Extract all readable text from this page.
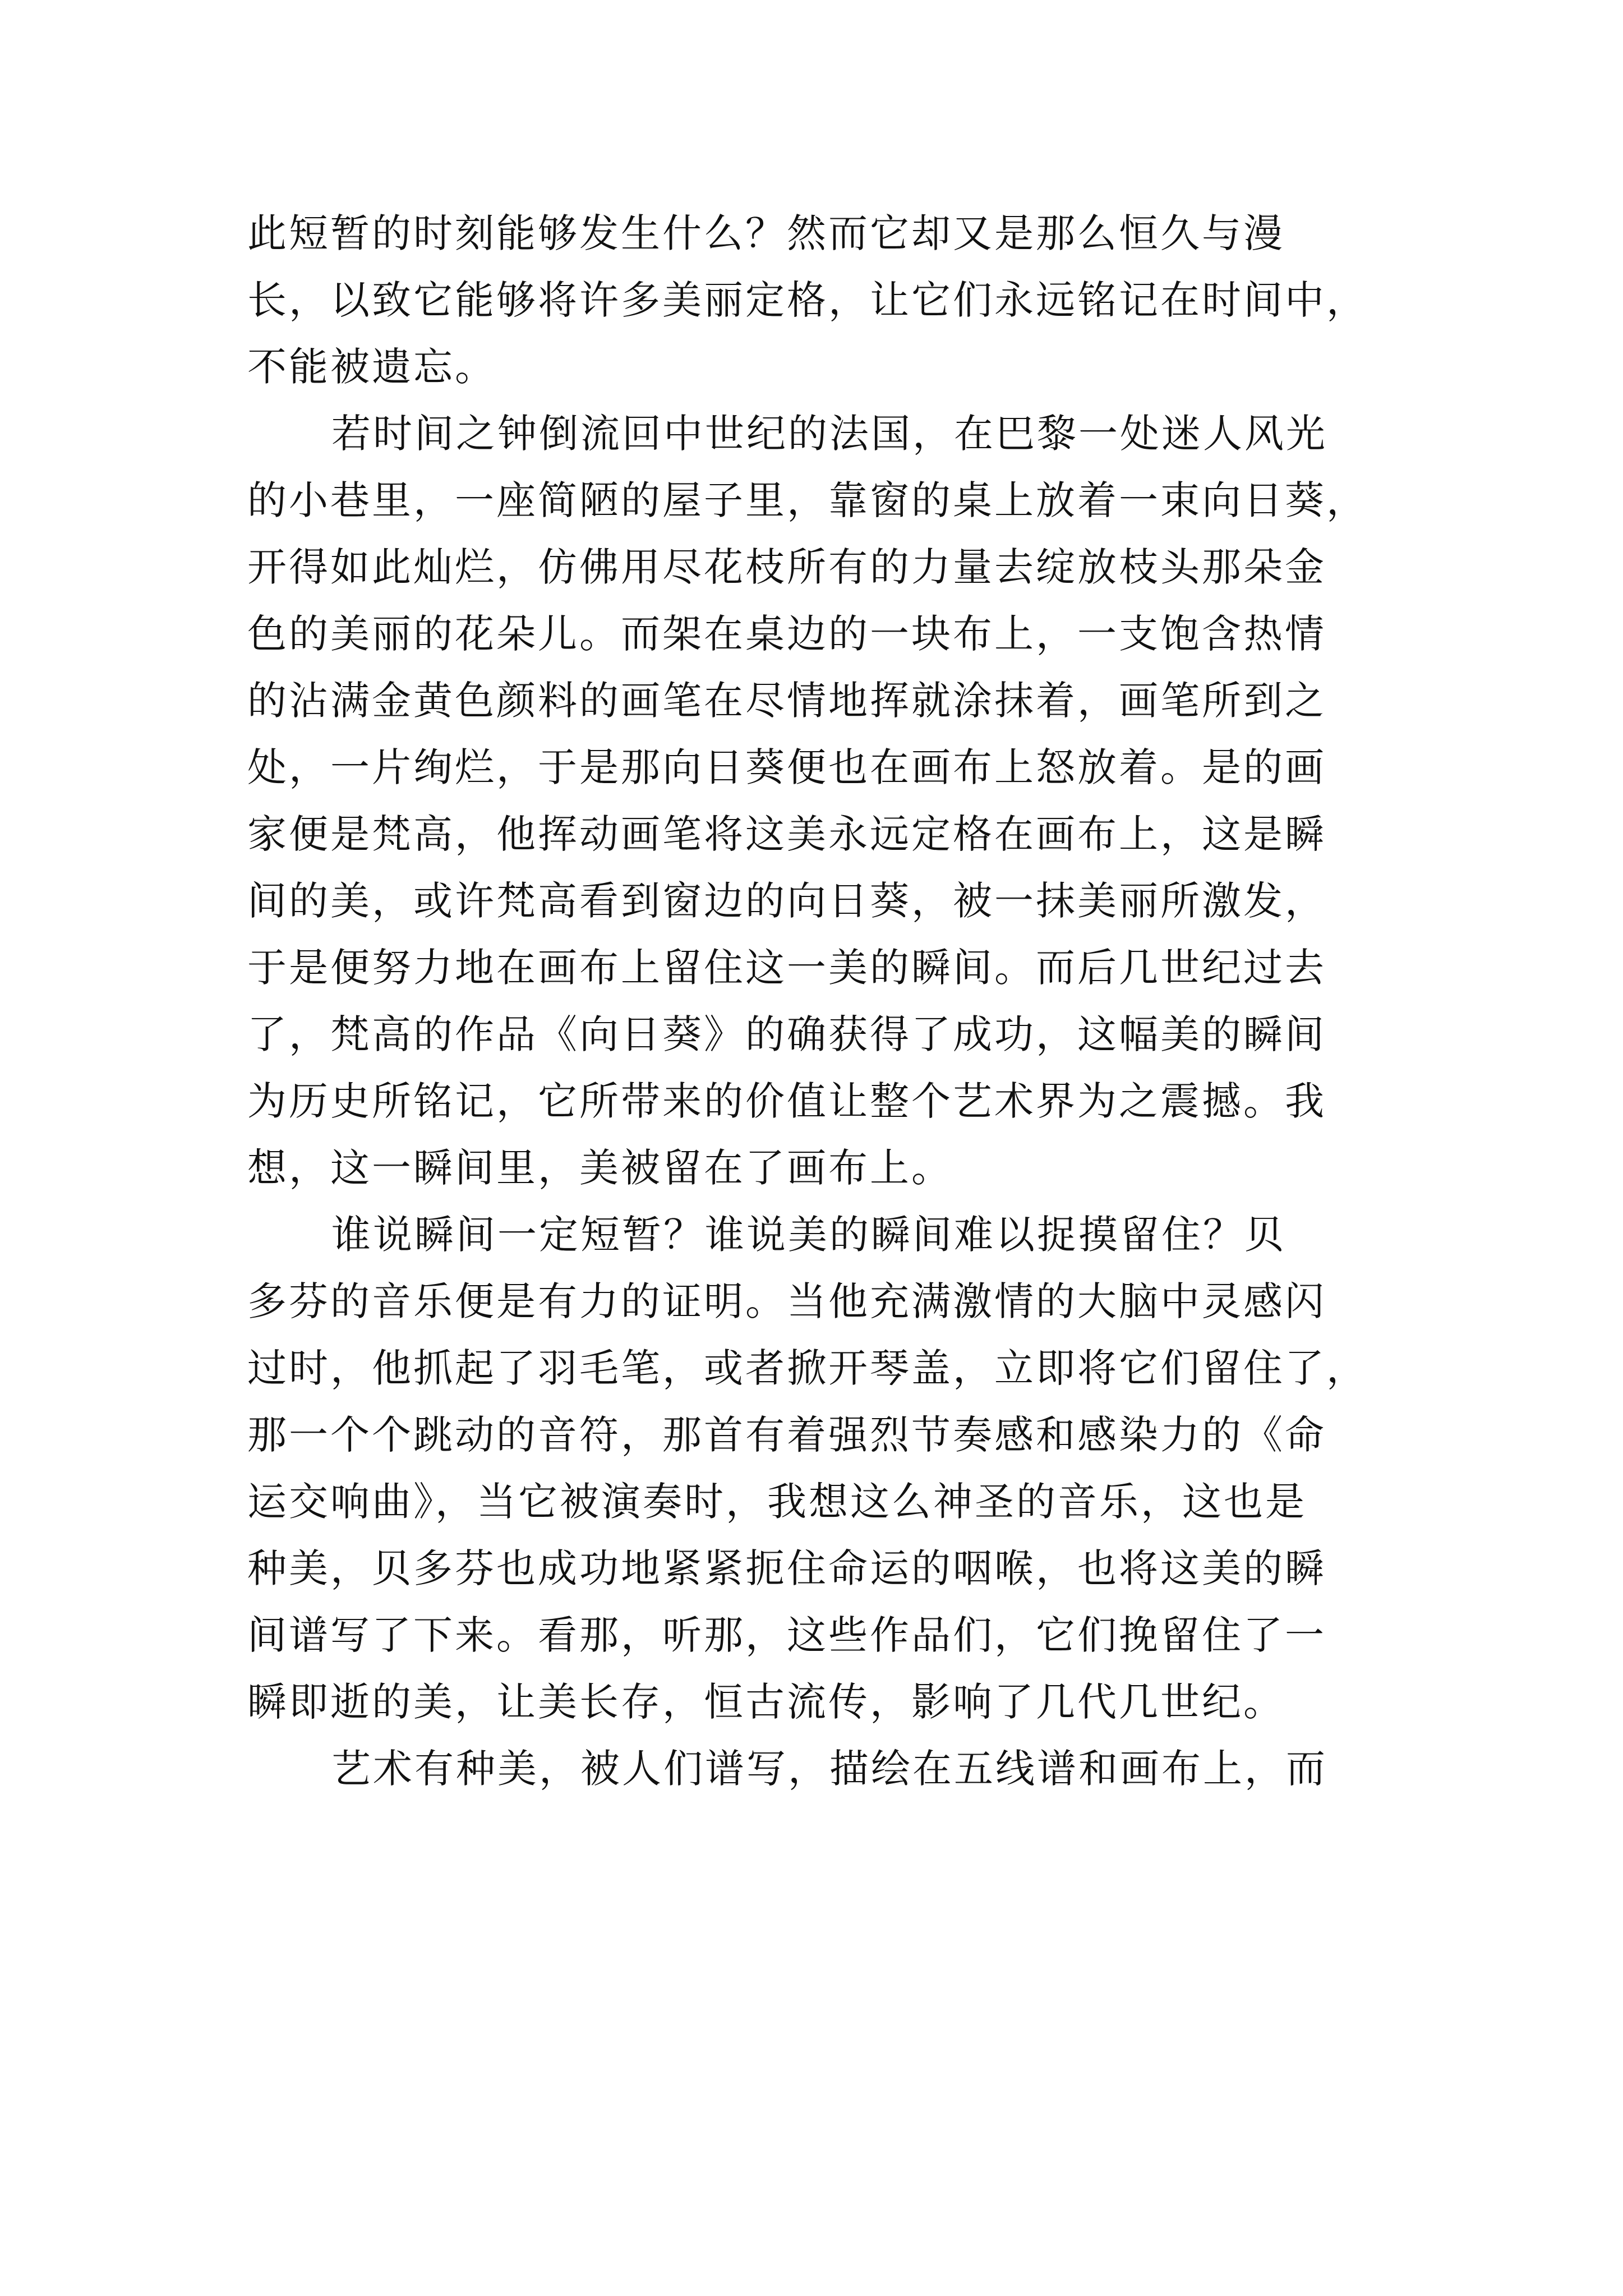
此短暂的时刻能够发生什么？然而它却又是那么恒久与漫
长，以致它能够将许多美丽定格，让它们永远铭记在时间中，
不能被遗忘。
若时间之钟倒流回中世纪的法国，在巴黎一处迷人风光
的小巷里，一座简陋的屋子里，靠窗的桌上放着一束向日葵，
开得如此灿烂，仿佛用尽花枝所有的力量去绽放枝头那朵金
色的美丽的花朵儿。而架在桌边的一块布上，一支饱含热情
的沾满金黄色颜料的画笔在尽情地挥就涂抹着，画笔所到之
处，一片绚烂，于是那向日葵便也在画布上怒放着。是的画
家便是梵高，他挥动画笔将这美永远定格在画布上，这是瞬
间的美，或许梵高看到窗边的向日葵，被一抹美丽所激发，
于是便努力地在画布上留住这一美的瞬间。而后几世纪过去
了，梵高的作品《向日葵》的确获得了成功，这幅美的瞬间
为历史所铭记，它所带来的价值让整个艺术界为之震撼。我
想，这一瞬间里，美被留在了画布上。
谁说瞬间一定短暂？谁说美的瞬间难以捉摸留住？贝
多芬的音乐便是有力的证明。当他充满激情的大脑中灵感闪
过时，他抓起了羽毛笔，或者掀开琴盖，立即将它们留住了，
那一个个跳动的音符，那首有着强烈节奏感和感染力的《命
运交响曲》，当它被演奏时，我想这么神圣的音乐，这也是
种美，贝多芬也成功地紧紧扼住命运的咽喉，也将这美的瞬
间谱写了下来。看那，听那，这些作品们，它们挽留住了一
瞬即逝的美，让美长存，恒古流传，影响了几代几世纪。
艺术有种美，被人们谱写，描绘在五线谱和画布上，而
